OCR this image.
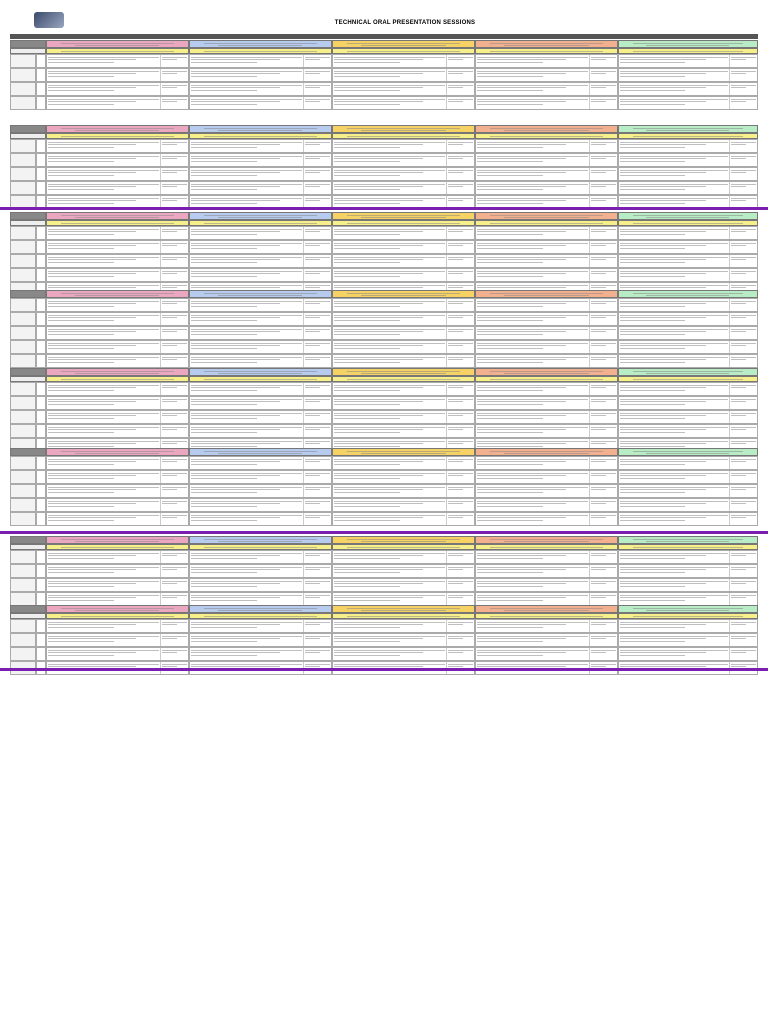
TECHNICAL ORAL PRESENTATION SESSIONS
